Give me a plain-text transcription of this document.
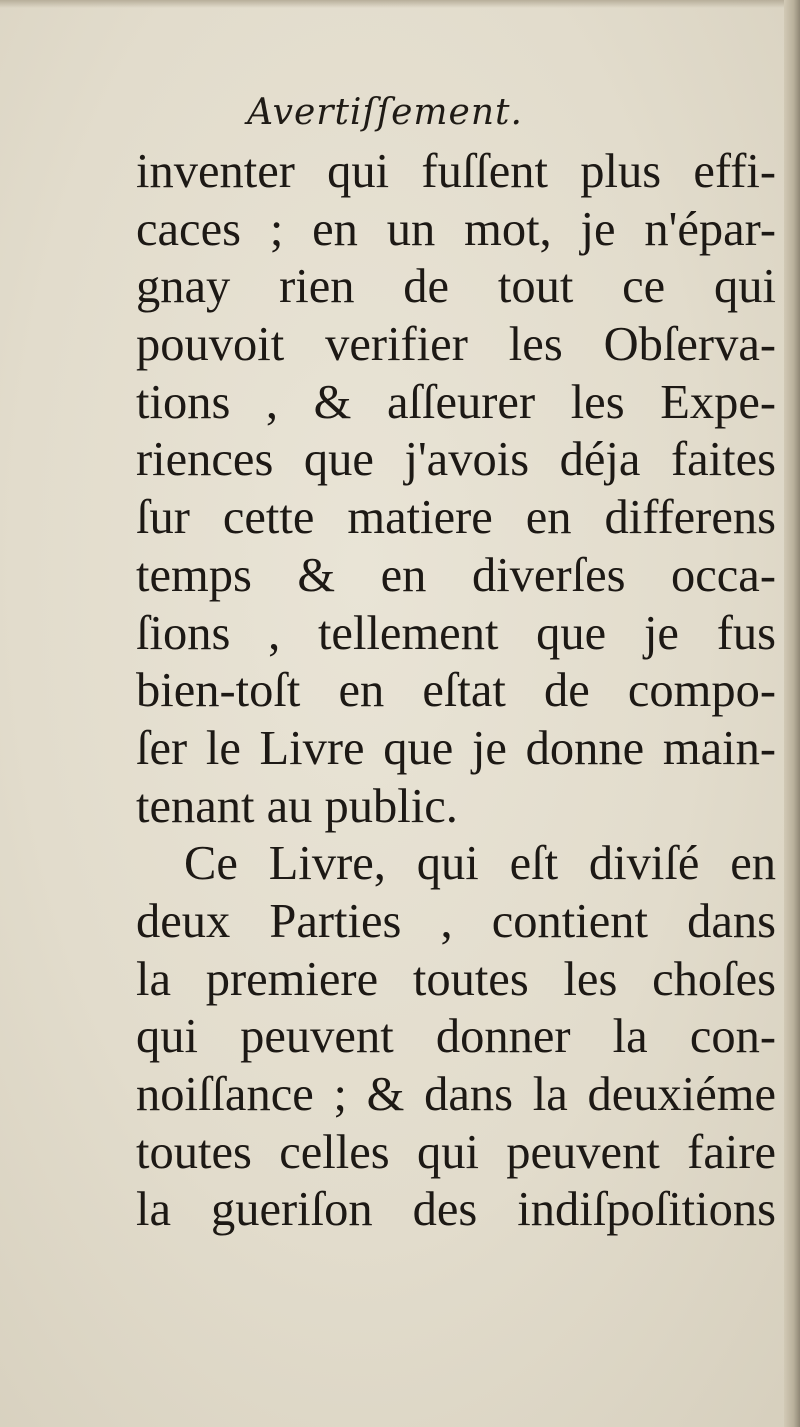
Avertiſſement.
inventer qui fuſſent plus effi-
caces ; en un mot, je n'épar-
gnay rien de tout ce qui
pouvoit verifier les Obſerva-
tions , & aſſeurer les Expe-
riences que j'avois déja faites
ſur cette matiere en differens
temps & en diverſes occa-
ſions , tellement que je fus
bien-toſt en eſtat de compo-
ſer le Livre que je donne main-
tenant au public.
Ce Livre, qui eſt diviſé en
deux Parties , contient dans
la premiere toutes les choſes
qui peuvent donner la con-
noiſſance ; & dans la deuxiéme
toutes celles qui peuvent faire
la gueriſon des indiſpoſitions
